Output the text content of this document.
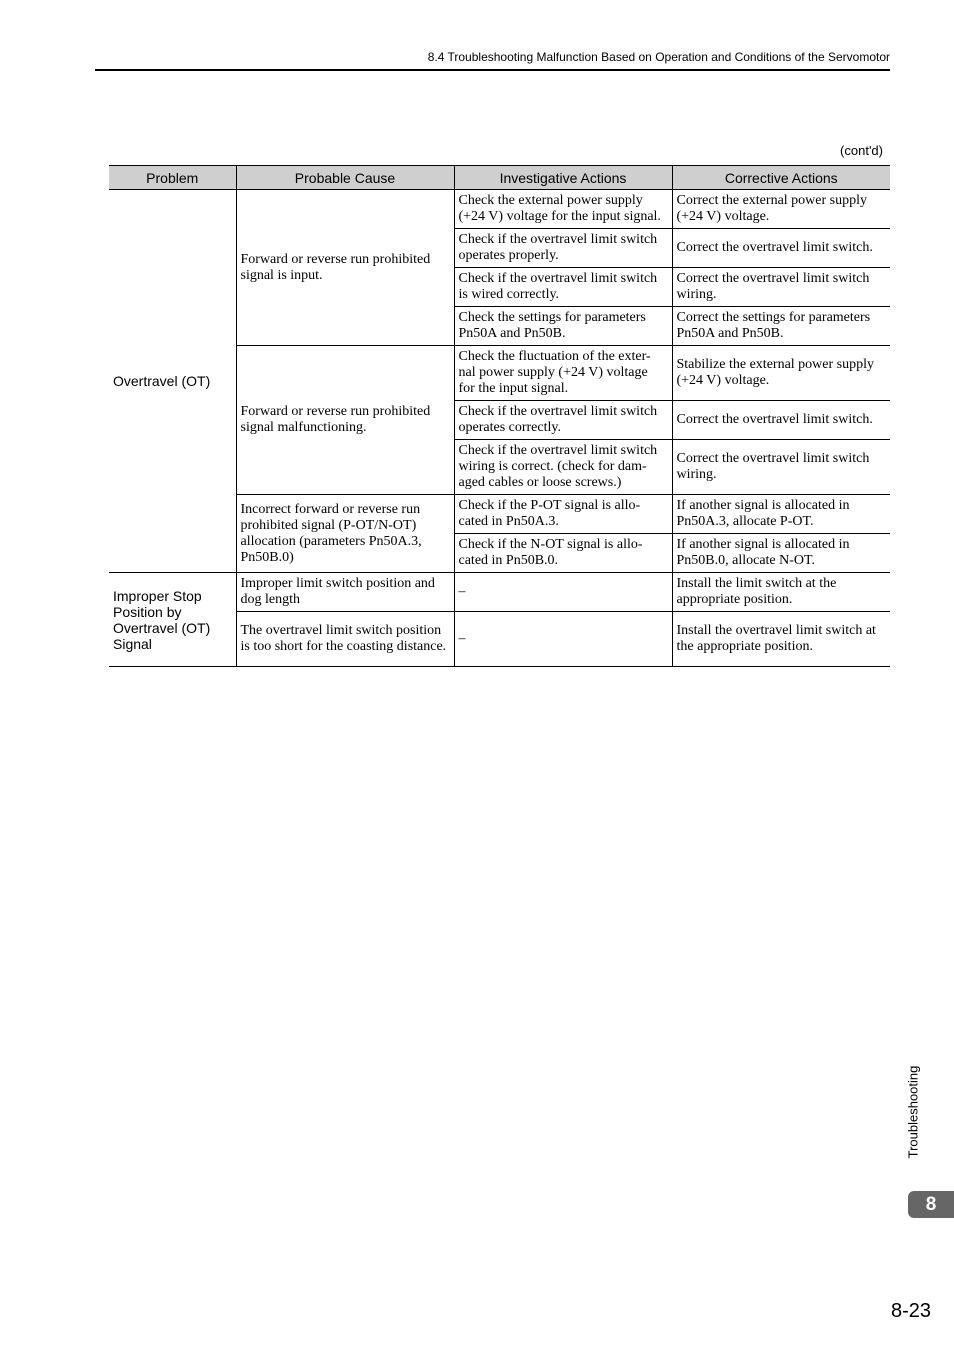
8.4 Troubleshooting Malfunction Based on Operation and Conditions of the Servomotor
(cont'd)
Problem	Probable Cause	Investigative Actions	Corrective Actions
Overtravel (OT)	Forward or reverse run prohibited signal is input.	Check the external power supply (+24 V) voltage for the input signal.	Correct the external power supply (+24 V) voltage.
		Check if the overtravel limit switch operates properly.	Correct the overtravel limit switch.
		Check if the overtravel limit switch is wired correctly.	Correct the overtravel limit switch wiring.
		Check the settings for parameters Pn50A and Pn50B.	Correct the settings for parameters Pn50A and Pn50B.
	Forward or reverse run prohibited signal malfunctioning.	Check the fluctuation of the exter-nal power supply (+24 V) voltage for the input signal.	Stabilize the external power supply (+24 V) voltage.
		Check if the overtravel limit switch operates correctly.	Correct the overtravel limit switch.
		Check if the overtravel limit switch wiring is correct. (check for dam-aged cables or loose screws.)	Correct the overtravel limit switch wiring.
	Incorrect forward or reverse run prohibited signal (P-OT/N-OT) allocation (parameters Pn50A.3, Pn50B.0)	Check if the P-OT signal is allo-cated in Pn50A.3.	If another signal is allocated in Pn50A.3, allocate P-OT.
		Check if the N-OT signal is allo-cated in Pn50B.0.	If another signal is allocated in Pn50B.0, allocate N-OT.
Improper Stop Position by Overtravel (OT) Signal	Improper limit switch position and dog length	–	Install the limit switch at the appropriate position.
	The overtravel limit switch position is too short for the coasting distance.	–	Install the overtravel limit switch at the appropriate position.
Troubleshooting
8
8-23
